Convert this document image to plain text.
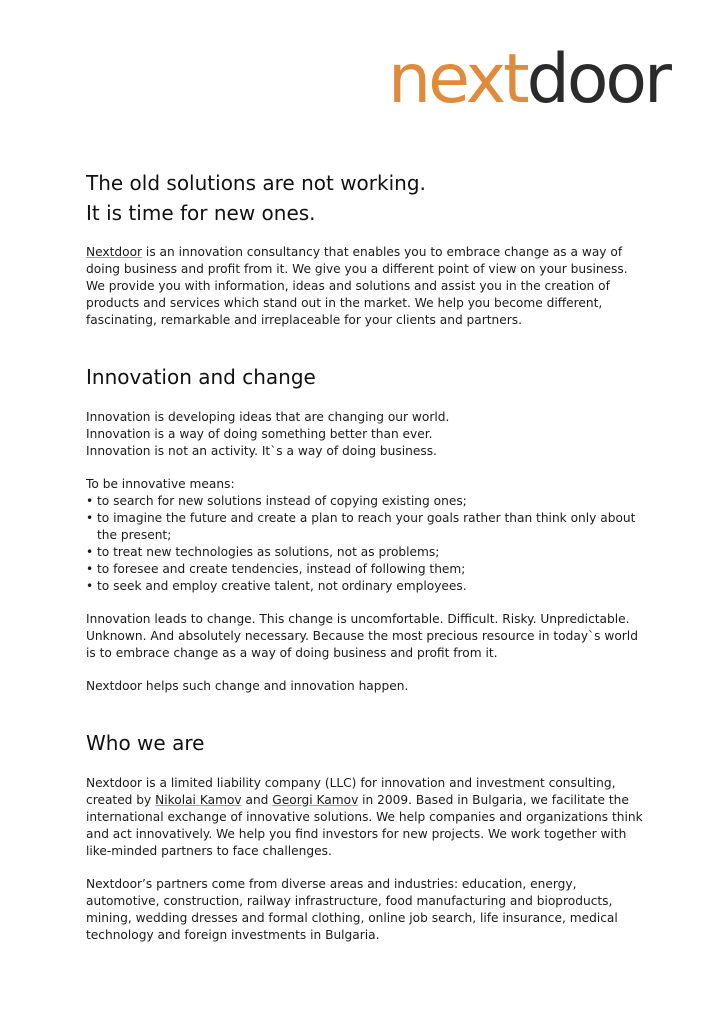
nextdoor
The old solutions are not working.
It is time for new ones.

Nextdoor is an innovation consultancy that enables you to embrace change as a way of doing business and profit from it. We give you a different point of view on your business. We provide you with information, ideas and solutions and assist you in the creation of products and services which stand out in the market. We help you become different, fascinating, remarkable and irreplaceable for your clients and partners.

Innovation and change

Innovation is developing ideas that are changing our world.
Innovation is a way of doing something better than ever.
Innovation is not an activity. It`s a way of doing business.

To be innovative means:

• to search for new solutions instead of copying existing ones;
• to imagine the future and create a plan to reach your goals rather than think only about the present;
• to treat new technologies as solutions, not as problems;
• to foresee and create tendencies, instead of following them;
• to seek and employ creative talent, not ordinary employees.

Innovation leads to change. This change is uncomfortable. Difficult. Risky. Unpredictable. Unknown. And absolutely necessary. Because the most precious resource in today`s world is to embrace change as a way of doing business and profit from it.

Nextdoor helps such change and innovation happen.

Who we are

Nextdoor is a limited liability company (LLC) for innovation and investment consulting, created by Nikolai Kamov and Georgi Kamov in 2009. Based in Bulgaria, we facilitate the international exchange of innovative solutions. We help companies and organizations think and act innovatively. We help you find investors for new projects. We work together with like-minded partners to face challenges.

Nextdoor’s partners come from diverse areas and industries: education, energy, automotive, construction, railway infrastructure, food manufacturing and bioproducts, mining, wedding dresses and formal clothing, online job search, life insurance, medical technology and foreign investments in Bulgaria.
